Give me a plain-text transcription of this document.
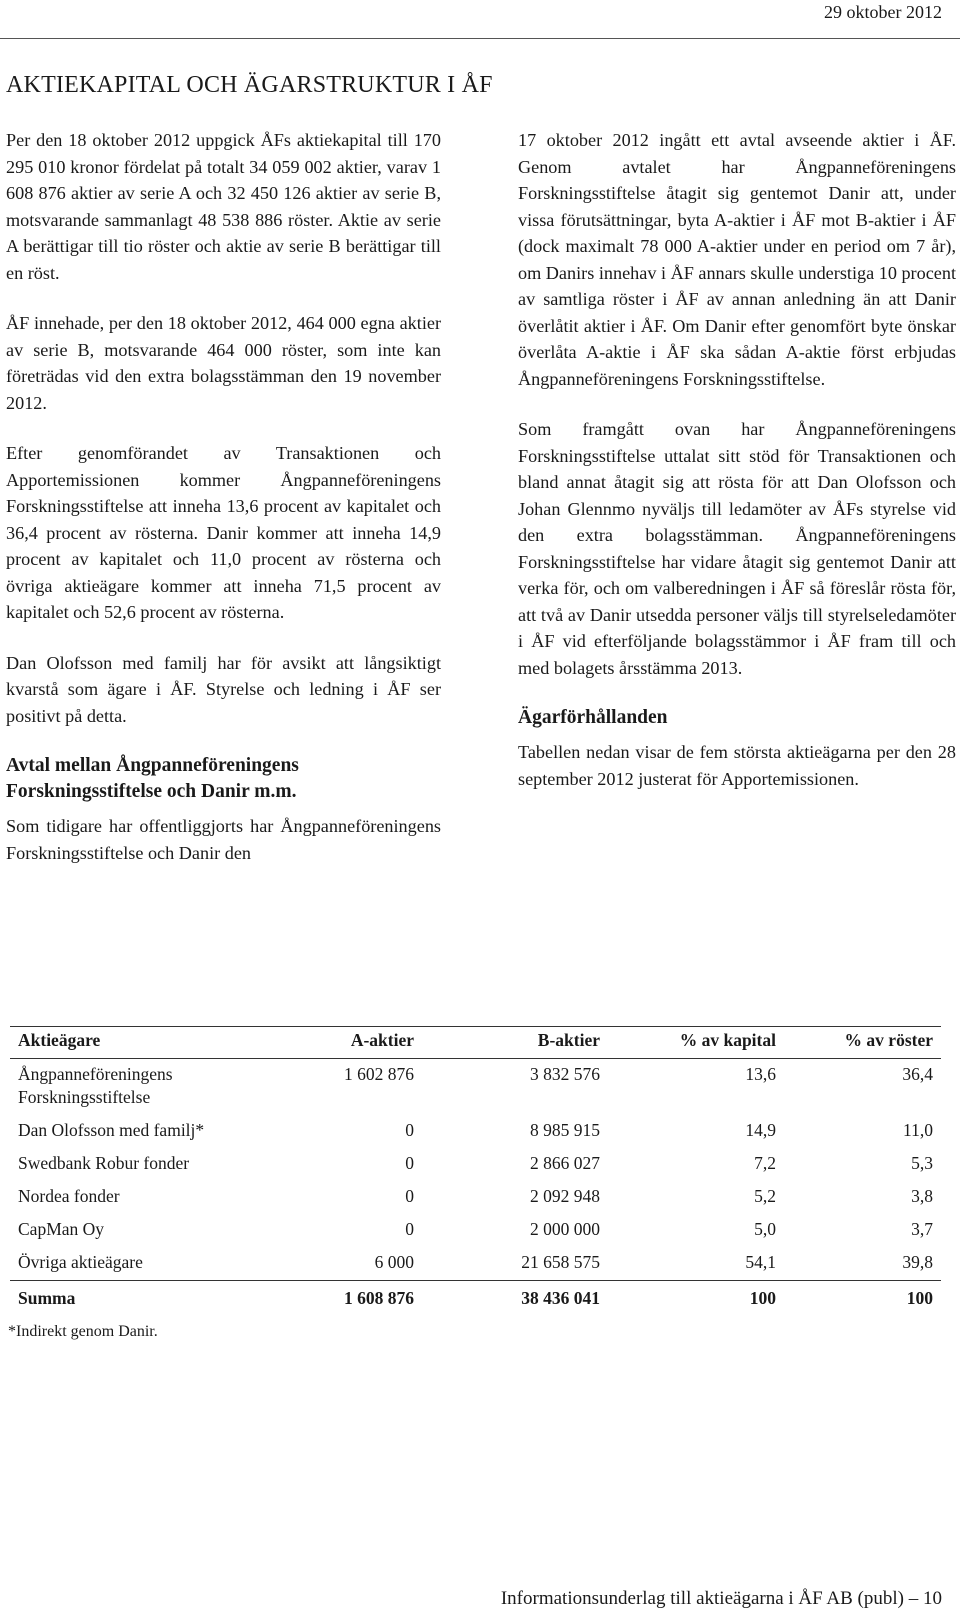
29 oktober 2012
AKTIEKAPITAL OCH ÄGARSTRUKTUR I ÅF

Per den 18 oktober 2012 uppgick ÅFs aktiekapital till 170 295 010 kronor fördelat på totalt 34 059 002 aktier, varav 1 608 876 aktier av serie A och 32 450 126 aktier av serie B, motsvarande sammanlagt 48 538 886 röster. Aktie av serie A berättigar till tio röster och aktie av serie B berättigar till en röst.

ÅF innehade, per den 18 oktober 2012, 464 000 egna aktier av serie B, motsvarande 464 000 röster, som inte kan företrädas vid den extra bolagsstämman den 19 november 2012.

Efter genomförandet av Transaktionen och Apportemissionen kommer Ångpanneföreningens Forskningsstiftelse att inneha 13,6 procent av kapitalet och 36,4 procent av rösterna. Danir kommer att inneha 14,9 procent av kapitalet och 11,0 procent av rösterna och övriga aktieägare kommer att inneha 71,5 procent av kapitalet och 52,6 procent av rösterna.

Dan Olofsson med familj har för avsikt att långsiktigt kvarstå som ägare i ÅF. Styrelse och ledning i ÅF ser positivt på detta.

Avtal mellan Ångpanneföreningens Forskningsstiftelse och Danir m.m.

Som tidigare har offentliggjorts har Ångpanneföreningens Forskningsstiftelse och Danir den

17 oktober 2012 ingått ett avtal avseende aktier i ÅF. Genom avtalet har Ångpanneföreningens Forskningsstiftelse åtagit sig gentemot Danir att, under vissa förutsättningar, byta A-aktier i ÅF mot B-aktier i ÅF (dock maximalt 78 000 A-aktier under en period om 7 år), om Danirs innehav i ÅF annars skulle understiga 10 procent av samtliga röster i ÅF av annan anledning än att Danir överlåtit aktier i ÅF. Om Danir efter genomfört byte önskar överlåta A-aktie i ÅF ska sådan A-aktie först erbjudas Ångpanneföreningens Forskningsstiftelse.

Som framgått ovan har Ångpanneföreningens Forskningsstiftelse uttalat sitt stöd för Transaktionen och bland annat åtagit sig att rösta för att Dan Olofsson och Johan Glennmo nyväljs till ledamöter av ÅFs styrelse vid den extra bolagsstämman. Ångpanneföreningens Forskningsstiftelse har vidare åtagit sig gentemot Danir att verka för, och om valberedningen i ÅF så föreslår rösta för, att två av Danir utsedda personer väljs till styrelseledamöter i ÅF vid efterföljande bolagsstämmor i ÅF fram till och med bolagets årsstämma 2013.

Ägarförhållanden

Tabellen nedan visar de fem största aktieägarna per den 28 september 2012 justerat för Apportemissionen.

Aktieägare	A-aktier	B-aktier	% av kapital	% av röster
Ångpanneföreningens Forskningsstiftelse	1 602 876	3 832 576	13,6	36,4
Dan Olofsson med familj*	0	8 985 915	14,9	11,0
Swedbank Robur fonder	0	2 866 027	7,2	5,3
Nordea fonder	0	2 092 948	5,2	3,8
CapMan Oy	0	2 000 000	5,0	3,7
Övriga aktieägare	6 000	21 658 575	54,1	39,8
Summa	1 608 876	38 436 041	100	100
*Indirekt genom Danir.
Informationsunderlag till aktieägarna i ÅF AB (publ) – 10
